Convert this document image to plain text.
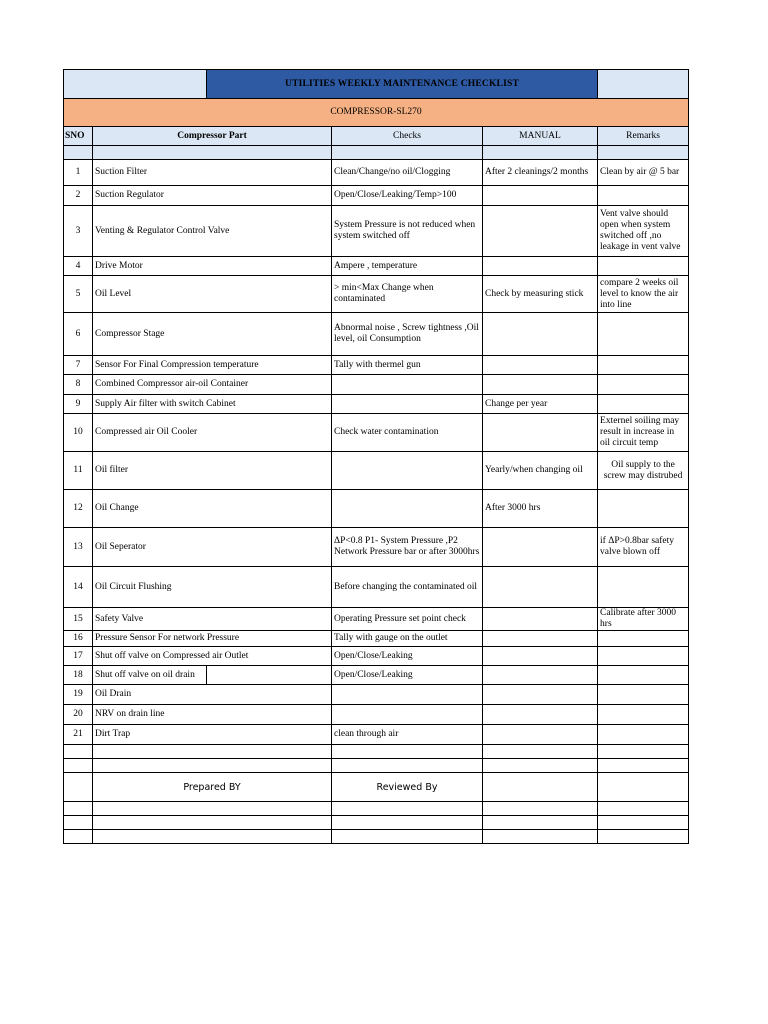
		UTILITIES WEEKLY MAINTENANCE CHECKLIST			
COMPRESSOR-SL270					
SNO	Compressor Part		Checks	MANUAL	Remarks

1	Suction Filter		Clean/Change/no oil/Clogging	After 2 cleanings/2 months	Clean by air @ 5 bar
2	Suction Regulator		Open/Close/Leaking/Temp>100		
3	Venting & Regulator Control Valve		System Pressure is not reduced when system switched off		Vent valve should open when system switched off ,no leakage in vent valve
4	Drive Motor		Ampere , temperature		
5	Oil Level		> min<Max Change when contaminated	Check by measuring stick	compare 2 weeks oil level to know the air into line
6	Compressor Stage		Abnormal noise , Screw tightness ,Oil level, oil Consumption		
7	Sensor For Final Compression temperature		Tally with thermel gun		
8	Combined Compressor air-oil Container				
9	Supply Air filter with switch Cabinet			Change per year	
10	Compressed air Oil Cooler		Check water contamination		Externel soiling may result in increase in oil circuit temp
11	Oil filter			Yearly/when changing oil	Oil supply to the screw may distrubed
12	Oil Change			After 3000 hrs	
13	Oil Seperator		ΔP<0.8 P1- System Pressure ,P2 Network Pressure bar or after 3000hrs		if ΔP>0.8bar safety valve blown off
14	Oil Circuit Flushing		Before changing the contaminated oil		
15	Safety Valve		Operating Pressure set point check		Calibrate after 3000 hrs
16	Pressure Sensor For network Pressure		Tally with gauge on the outlet		
17	Shut off valve on Compressed air Outlet		Open/Close/Leaking		
18	Shut off valve on oil drain		Open/Close/Leaking		
19	Oil Drain				
20	NRV on drain line				
21	Dirt Trap		clean through air		

	Prepared BY		Reviewed By		
